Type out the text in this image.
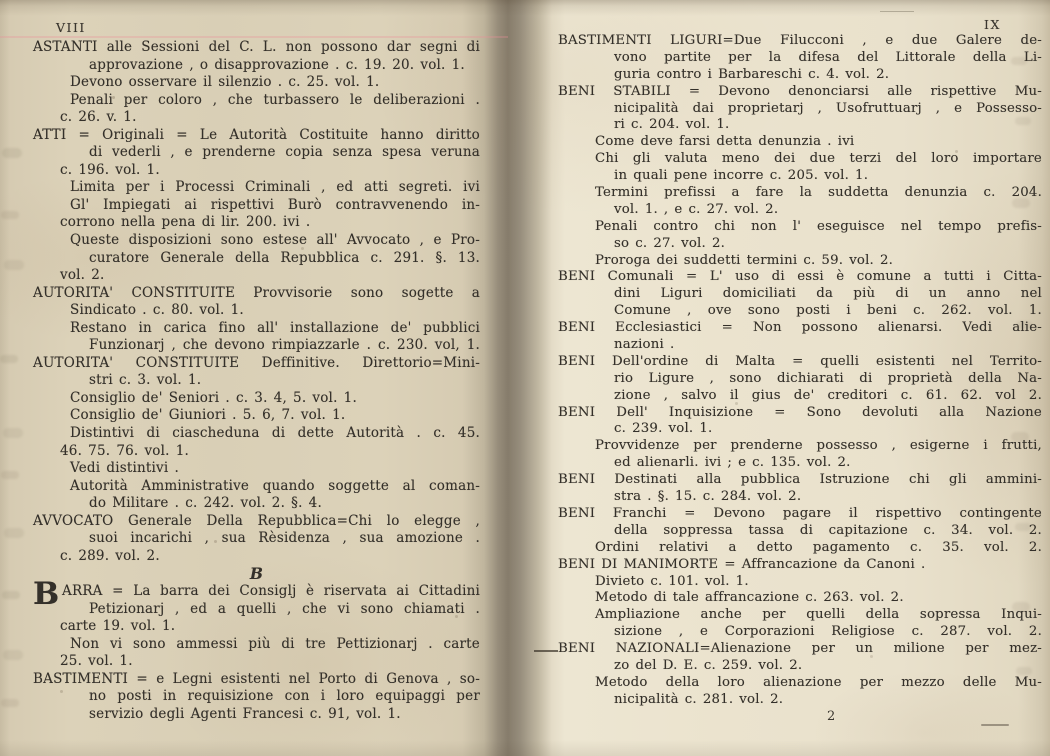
VIII	IX
ASTANTI alle Sessioni del C. L. non possono dar segni di
approvazione , o disapprovazione . c. 19. 20. vol. 1.
Devono osservare il silenzio . c. 25. vol. 1.
Penali per coloro , che turbassero le deliberazioni .
c. 26. v. 1.
ATTI = Originali = Le Autorità Costituite hanno diritto
di vederli , e prenderne copia senza spesa veruna
c. 196. vol. 1.
Limita per i Processi Criminali , ed atti segreti. ivi
Gl' Impiegati ai rispettivi Burò contravvenendo in-
corrono nella pena di lir. 200. ivi .
Queste disposizioni sono estese all' Avvocato , e Pro-
curatore Generale della Repubblica c. 291. §. 13.
vol. 2.
AUTORITA' CONSTITUITE Provvisorie sono sogette a
Sindicato . c. 80. vol. 1.
Restano in carica fino all' installazione de' pubblici
Funzionarj , che devono rimpiazzarle . c. 230. vol, 1.
AUTORITA' CONSTITUITE Deffinitive. Direttorio=Mini-
stri c. 3. vol. 1.
Consiglio de' Seniori . c. 3. 4, 5. vol. 1.
Consiglio de' Giuniori . 5. 6, 7. vol. 1.
Distintivi di ciascheduna di dette Autorità . c. 45.
46. 75. 76. vol. 1.
Vedi distintivi .
Autorità Amministrative quando soggette al coman-
do Militare . c. 242. vol. 2. §. 4.
AVVOCATO Generale Della Repubblica=Chi lo elegge ,
suoi incarichi , sua Rèsidenza , sua amozione .
c. 289. vol. 2.
B
B ARRA = La barra dei Consiglj è riservata ai Cittadini
Petizionarj , ed a quelli , che vi sono chiamati .
carte 19. vol. 1.
Non vi sono ammessi più di tre Pettizionarj . carte
25. vol. 1.
BASTIMENTI = e Legni esistenti nel Porto di Genova , so-
no posti in requisizione con i loro equipaggi per
servizio degli Agenti Francesi c. 91, vol. 1.
BASTIMENTI LIGURI=Due Filucconi , e due Galere de-
vono partite per la difesa del Littorale della Li-
guria contro i Barbareschi c. 4. vol. 2.
BENI STABILI = Devono denonciarsi alle rispettive Mu-
nicipalità dai proprietarj , Usofruttuarj , e Possesso-
ri c. 204. vol. 1.
Come deve farsi detta denunzia . ivi
Chi gli valuta meno dei due terzi del loro importare
in quali pene incorre c. 205. vol. 1.
Termini prefissi a fare la suddetta denunzia c. 204.
vol. 1. , e c. 27. vol. 2.
Penali contro chi non l' eseguisce nel tempo prefis-
so c. 27. vol. 2.
Proroga dei suddetti termini c. 59. vol. 2.
BENI Comunali = L' uso di essi è comune a tutti i Citta-
dini Liguri domiciliati da più di un anno nel
Comune , ove sono posti i beni c. 262. vol. 1.
BENI Ecclesiastici = Non possono alienarsi. Vedi alie-
nazioni .
BENI Dell'ordine di Malta = quelli esistenti nel Territo-
rio Ligure , sono dichiarati di proprietà della Na-
zione , salvo il gius de' creditori c. 61. 62. vol 2.
BENI Dell' Inquisizione = Sono devoluti alla Nazione
c. 239. vol. 1.
Provvidenze per prenderne possesso , esigerne i frutti,
ed alienarli. ivi ; e c. 135. vol. 2.
BENI Destinati alla pubblica Istruzione chi gli ammini-
stra . §. 15. c. 284. vol. 2.
BENI Franchi = Devono pagare il rispettivo contingente
della soppressa tassa di capitazione c. 34. vol. 2.
Ordini relativi a detto pagamento c. 35. vol. 2.
BENI DI MANIMORTE = Affrancazione da Canoni .
Divieto c. 101. vol. 1.
Metodo di tale affrancazione c. 263. vol. 2.
Ampliazione anche per quelli della sopressa Inqui-
sizione , e Corporazioni Religiose c. 287. vol. 2.
BENI NAZIONALI=Alienazione per un milione per mez-
zo del D. E. c. 259. vol. 2.
Metodo della loro alienazione per mezzo delle Mu-
nicipalità c. 281. vol. 2.
2
